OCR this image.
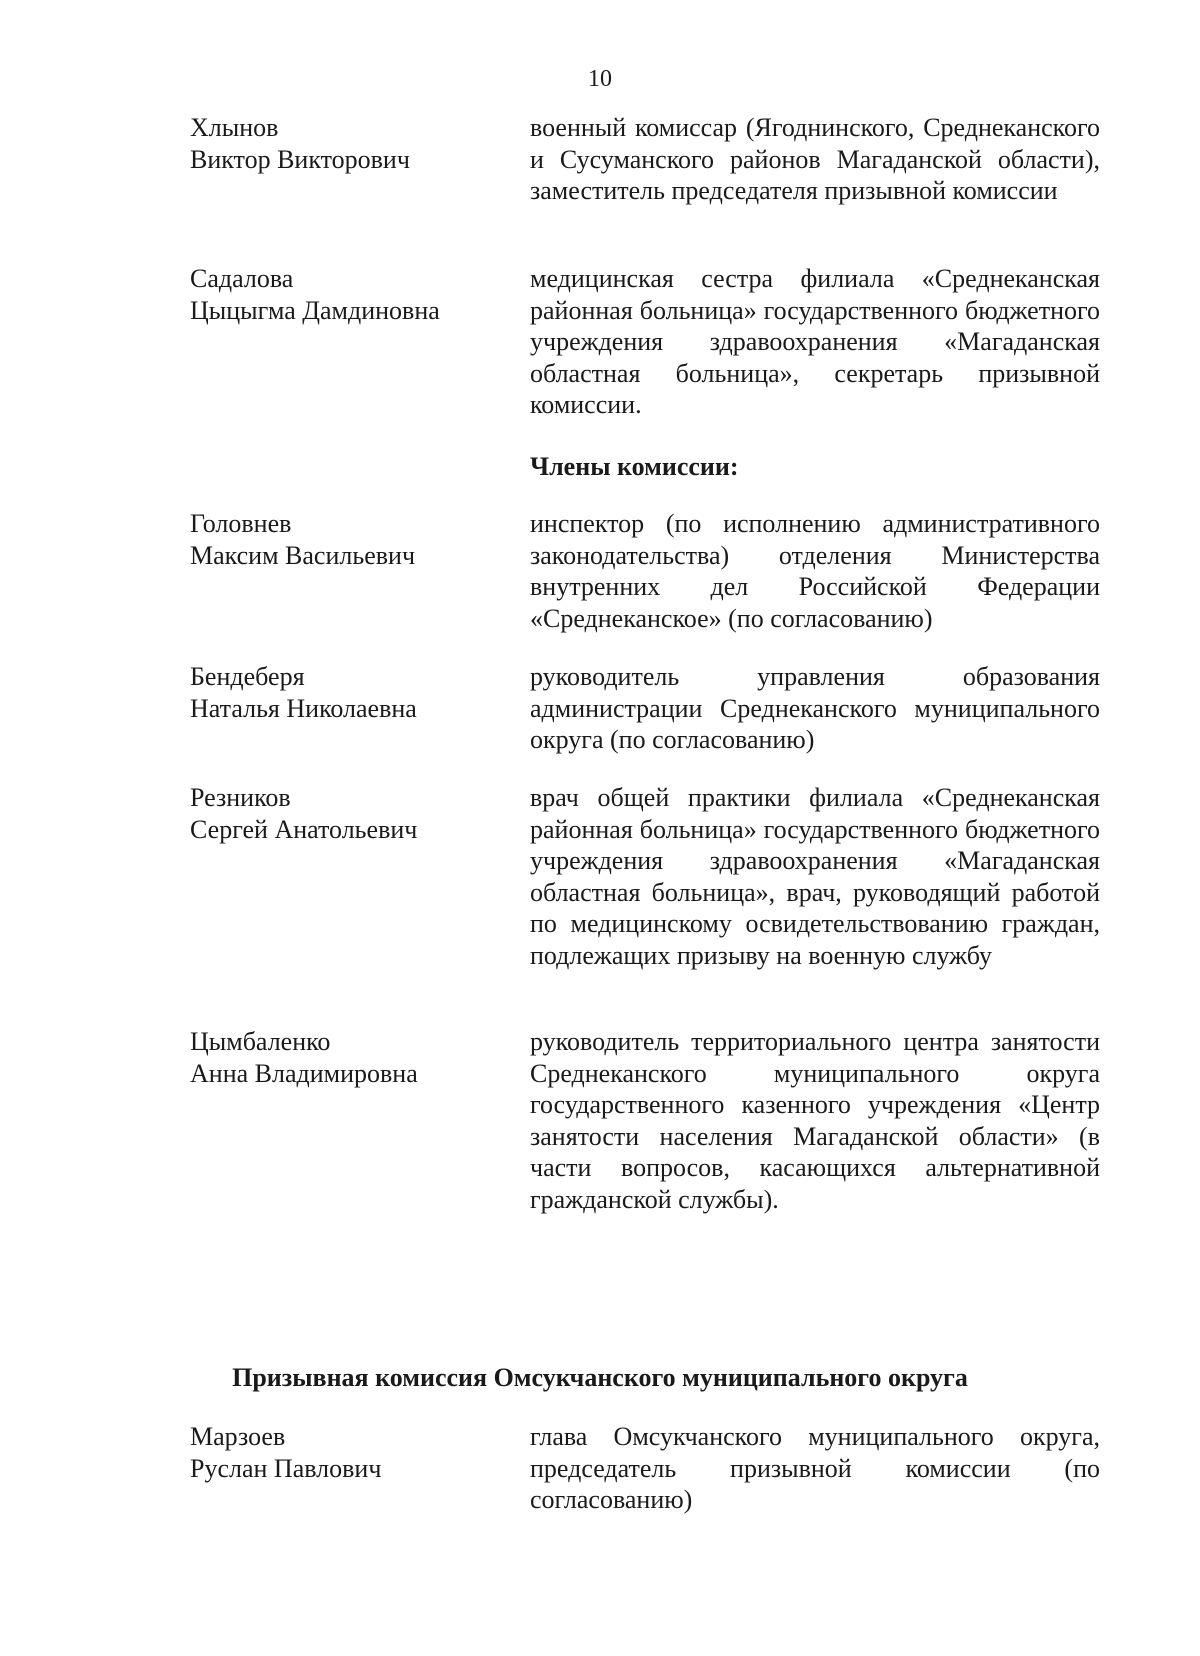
10
Хлынов
Виктор Викторович
военный комиссар (Ягоднинского, Среднеканского и Сусуманского районов Магаданской области), заместитель председателя призывной комиссии
Садалова
Цыцыгма Дамдиновна
медицинская сестра филиала «Среднеканская районная больница» государственного бюджетного учреждения здравоохранения «Магаданская областная больница», секретарь призывной комиссии.
Члены комиссии:
Головнев
Максим Васильевич
инспектор (по исполнению административного законодательства) отделения Министерства внутренних дел Российской Федерации «Среднеканское» (по согласованию)
Бендеберя
Наталья Николаевна
руководитель управления образования администрации Среднеканского муниципального округа (по согласованию)
Резников
Сергей Анатольевич
врач общей практики филиала «Среднеканская районная больница» государственного бюджетного учреждения здравоохранения «Магаданская областная больница», врач, руководящий работой по медицинскому освидетельствованию граждан, подлежащих призыву на военную службу
Цымбаленко
Анна Владимировна
руководитель территориального центра занятости Среднеканского муниципального округа государственного казенного учреждения «Центр занятости населения Магаданской области» (в части вопросов, касающихся альтернативной гражданской службы).
Призывная комиссия Омсукчанского муниципального округа
Марзоев
Руслан Павлович
глава Омсукчанского муниципального округа, председатель призывной комиссии (по согласованию)
